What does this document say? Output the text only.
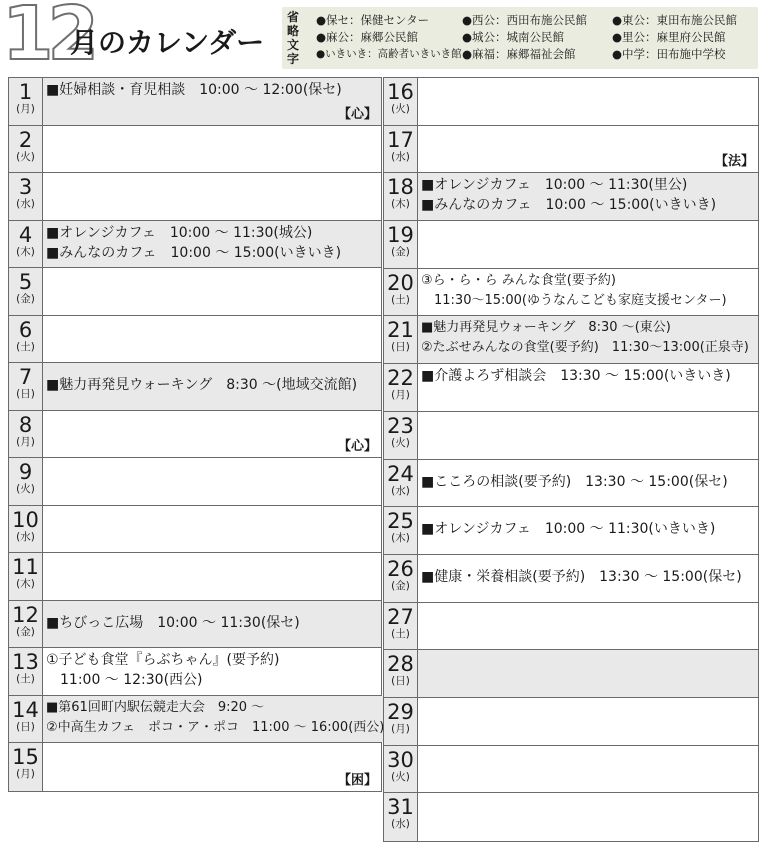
12
月のカレンダー
省
略
文
字
●保セ：保健センター	●西公：西田布施公民館	●東公：東田布施公民館
●麻公：麻郷公民館	●城公：城南公民館	●里公：麻里府公民館
●いきいき：高齢者いきいき館 ●麻福：麻郷福祉会館	●中学：田布施中学校
1
(月)
■妊婦相談・育児相談　10:00 ～ 12:00(保セ)
【心】
2
(火)
3
(水)
4
(木)
■オレンジカフェ　10:00 ～ 11:30(城公)
■みんなのカフェ　10:00 ～ 15:00(いきいき)
5
(金)
6
(土)
7
(日)
■魅力再発見ウォーキング　8:30 ～(地域交流館)
8
(月)	【心】
9
(火)
10
(水)
11
(木)
12
(金)
■ちびっこ広場　10:00 ～ 11:30(保セ)
13
(土)
①子ども食堂『らぶちゃん』(要予約)
　11:00 ～ 12:30(西公)
14
(日)
■第61回町内駅伝競走大会　9:20 ～
②中高生カフェ　ポコ・ア・ポコ　11:00 ～ 16:00(西公)
15
(月)	【困】
16
(火)
17
(水)	【法】
18
(木)
■オレンジカフェ　10:00 ～ 11:30(里公)
■みんなのカフェ　10:00 ～ 15:00(いきいき)
19
(金)
20
(土)
③ら・ら・ら みんな食堂(要予約)
　11:30～15:00(ゆうなんこども家庭支援センター)
21
(日)
■魅力再発見ウォーキング　8:30 ～(東公)
②たぶせみんなの食堂(要予約)　11:30～13:00(正泉寺)
22
(月)
■介護よろず相談会　13:30 ～ 15:00(いきいき)
23
(火)
24
(水)
■こころの相談(要予約)　13:30 ～ 15:00(保セ)
25
(木)
■オレンジカフェ　10:00 ～ 11:30(いきいき)
26
(金)
■健康・栄養相談(要予約)　13:30 ～ 15:00(保セ)
27
(土)
28
(日)
29
(月)
30
(火)
31
(水)
